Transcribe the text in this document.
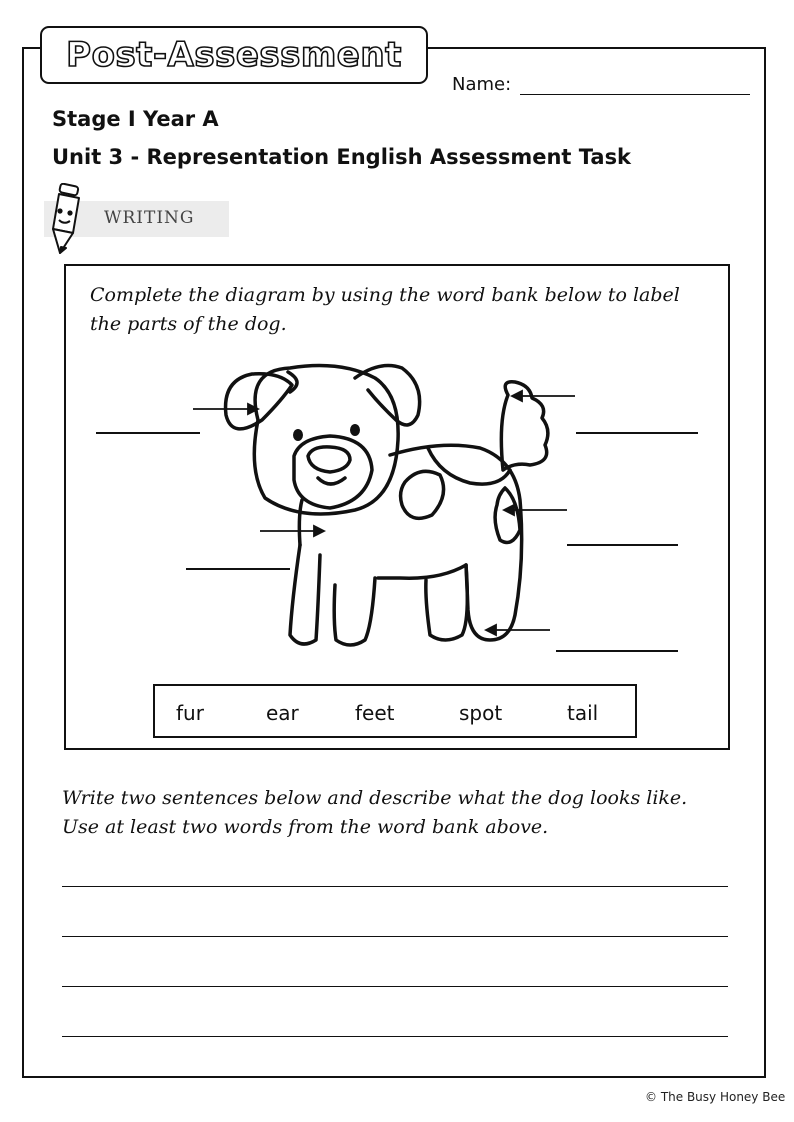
Post-Assessment
Name:
Stage I Year A
Unit 3 - Representation English Assessment Task
WRITING
Complete the diagram by using the word bank below to label the parts of the dog.
fur	ear	feet	spot	tail
Write two sentences below and describe what the dog looks like.
Use at least two words from the word bank above.
© The Busy Honey Bee
